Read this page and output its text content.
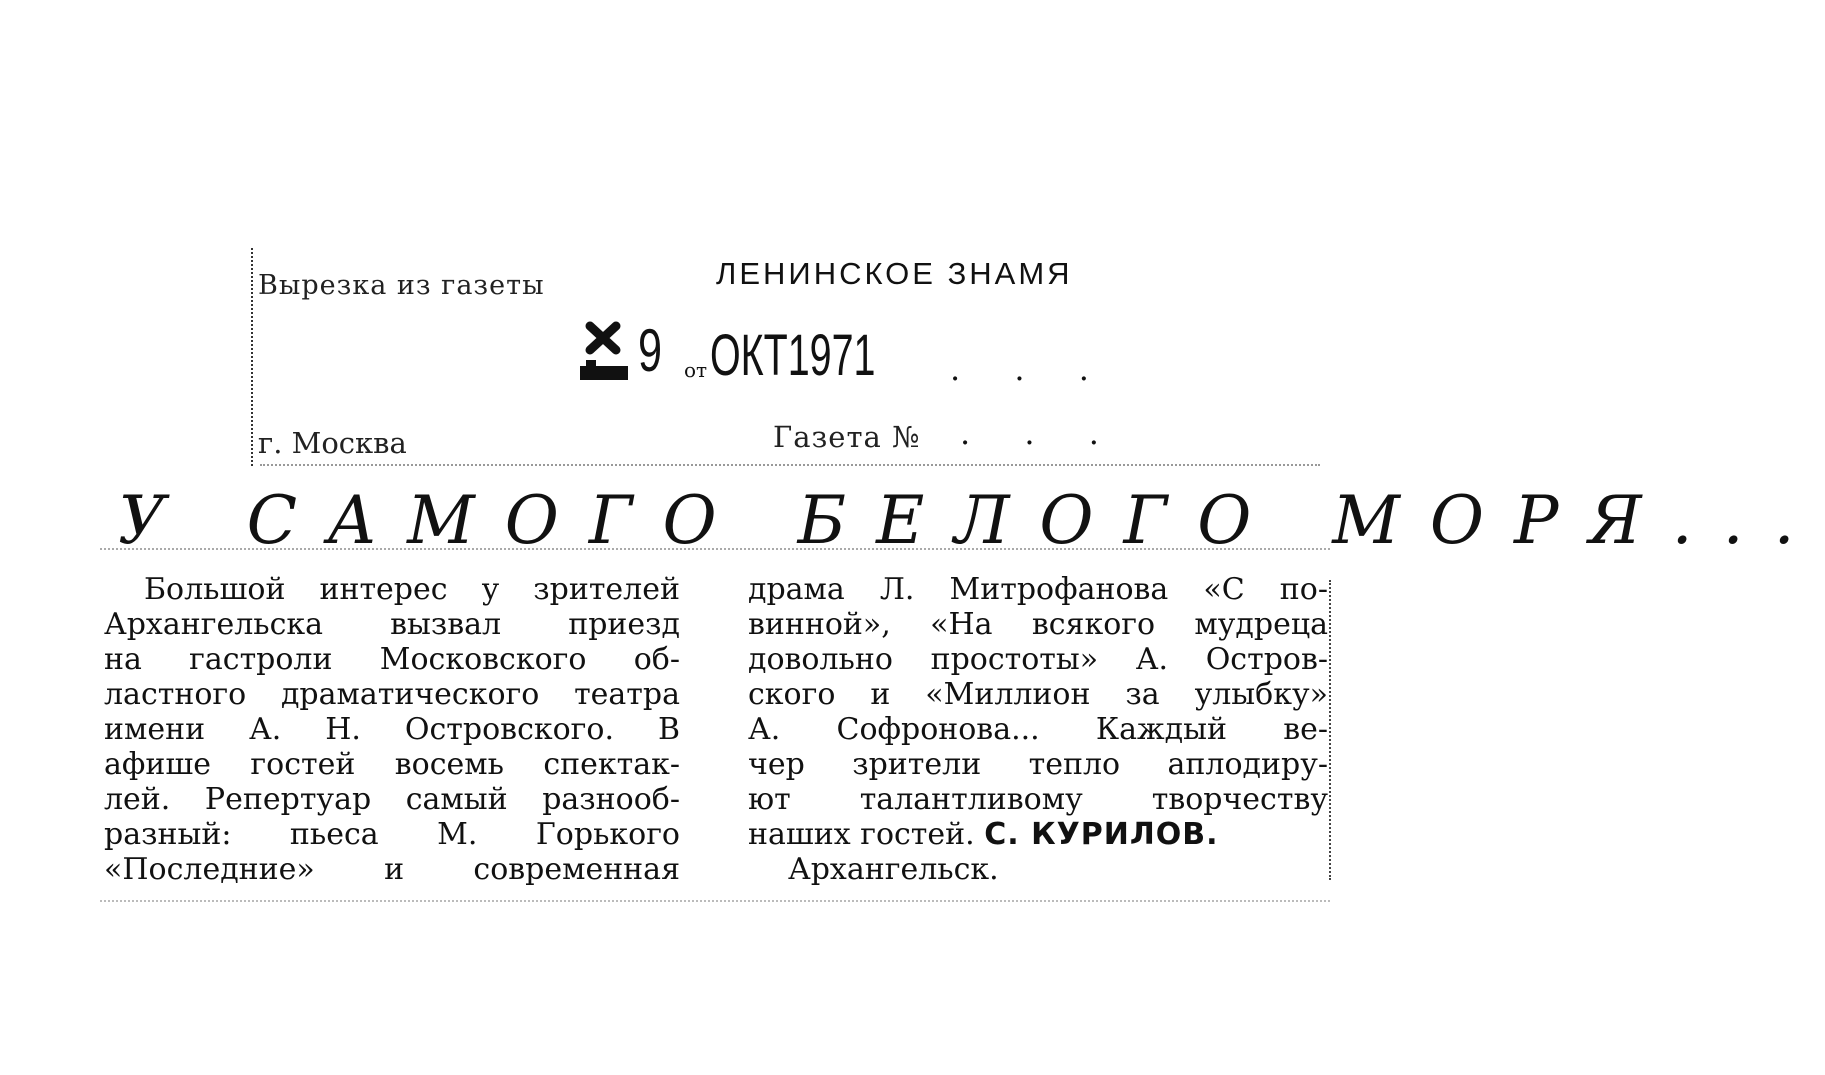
Вырезка из газеты	ЛЕНИНСКОЕ ЗНАМЯ
9 от ОКТ1971 . . .
г. Москва	Газета № . . .
У САМОГО БЕЛОГО МОРЯ...
Большой интерес у зрителей
Архангельска вызвал приезд
на гастроли Московского об-
ластного драматического театра
имени А. Н. Островского. В
афише гостей восемь спектак-
лей. Репертуар самый разнооб-
разный: пьеса М. Горького
«Последние» и современная
драма Л. Митрофанова «С по-
винной», «На всякого мудреца
довольно простоты» А. Остров-
ского и «Миллион за улыбку»
А. Софронова... Каждый ве-
чер зрители тепло аплодиру-
ют талантливому творчеству
наших гостей. С. КУРИЛОВ.
Архангельск.
